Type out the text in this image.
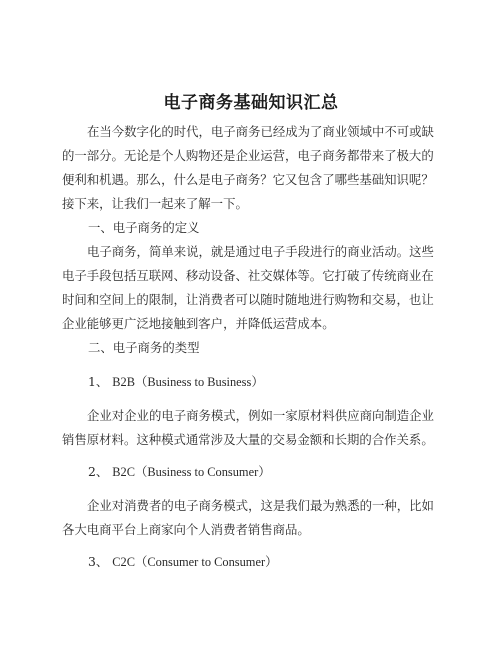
电子商务基础知识汇总

在当今数字化的时代，电子商务已经成为了商业领域中不可或缺的一部分。无论是个人购物还是企业运营，电子商务都带来了极大的便利和机遇。那么，什么是电子商务？它又包含了哪些基础知识呢？接下来，让我们一起来了解一下。

一、电子商务的定义

电子商务，简单来说，就是通过电子手段进行的商业活动。这些电子手段包括互联网、移动设备、社交媒体等。它打破了传统商业在时间和空间上的限制，让消费者可以随时随地进行购物和交易，也让企业能够更广泛地接触到客户，并降低运营成本。

二、电子商务的类型
1、 B2B（Business to Business）

企业对企业的电子商务模式，例如一家原材料供应商向制造企业销售原材料。这种模式通常涉及大量的交易金额和长期的合作关系。

2、 B2C（Business to Consumer）

企业对消费者的电子商务模式，这是我们最为熟悉的一种，比如各大电商平台上商家向个人消费者销售商品。

3、 C2C（Consumer to Consumer）
